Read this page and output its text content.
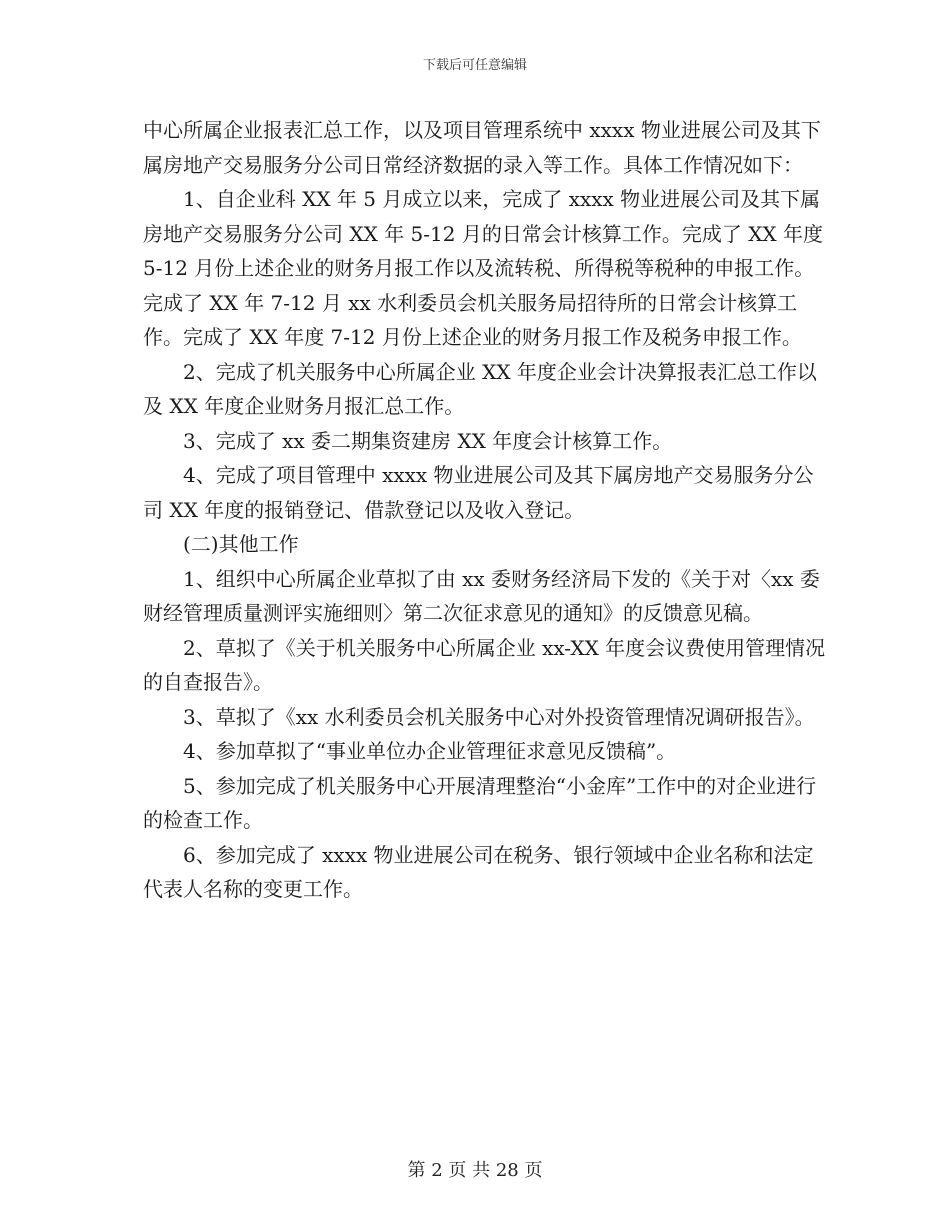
下载后可任意编辑

中心所属企业报表汇总工作，以及项目管理系统中 xxxx 物业进展公司及其下属房地产交易服务分公司日常经济数据的录入等工作。具体工作情况如下：

1、自企业科 XX 年 5 月成立以来，完成了 xxxx 物业进展公司及其下属房地产交易服务分公司 XX 年 5-12 月的日常会计核算工作。完成了 XX 年度 5-12 月份上述企业的财务月报工作以及流转税、所得税等税种的申报工作。完成了 XX 年 7-12 月 xx 水利委员会机关服务局招待所的日常会计核算工作。完成了 XX 年度 7-12 月份上述企业的财务月报工作及税务申报工作。

2、完成了机关服务中心所属企业 XX 年度企业会计决算报表汇总工作以及 XX 年度企业财务月报汇总工作。

3、完成了 xx 委二期集资建房 XX 年度会计核算工作。

4、完成了项目管理中 xxxx 物业进展公司及其下属房地产交易服务分公司 XX 年度的报销登记、借款登记以及收入登记。

(二)其他工作

1、组织中心所属企业草拟了由 xx 委财务经济局下发的《关于对〈xx 委财经管理质量测评实施细则〉第二次征求意见的通知》的反馈意见稿。

2、草拟了《关于机关服务中心所属企业 xx-XX 年度会议费使用管理情况的自查报告》。

3、草拟了《xx 水利委员会机关服务中心对外投资管理情况调研报告》。

4、参加草拟了“事业单位办企业管理征求意见反馈稿”。

5、参加完成了机关服务中心开展清理整治“小金库”工作中的对企业进行的检查工作。

6、参加完成了 xxxx 物业进展公司在税务、银行领域中企业名称和法定代表人名称的变更工作。

第 2 页 共 28 页
